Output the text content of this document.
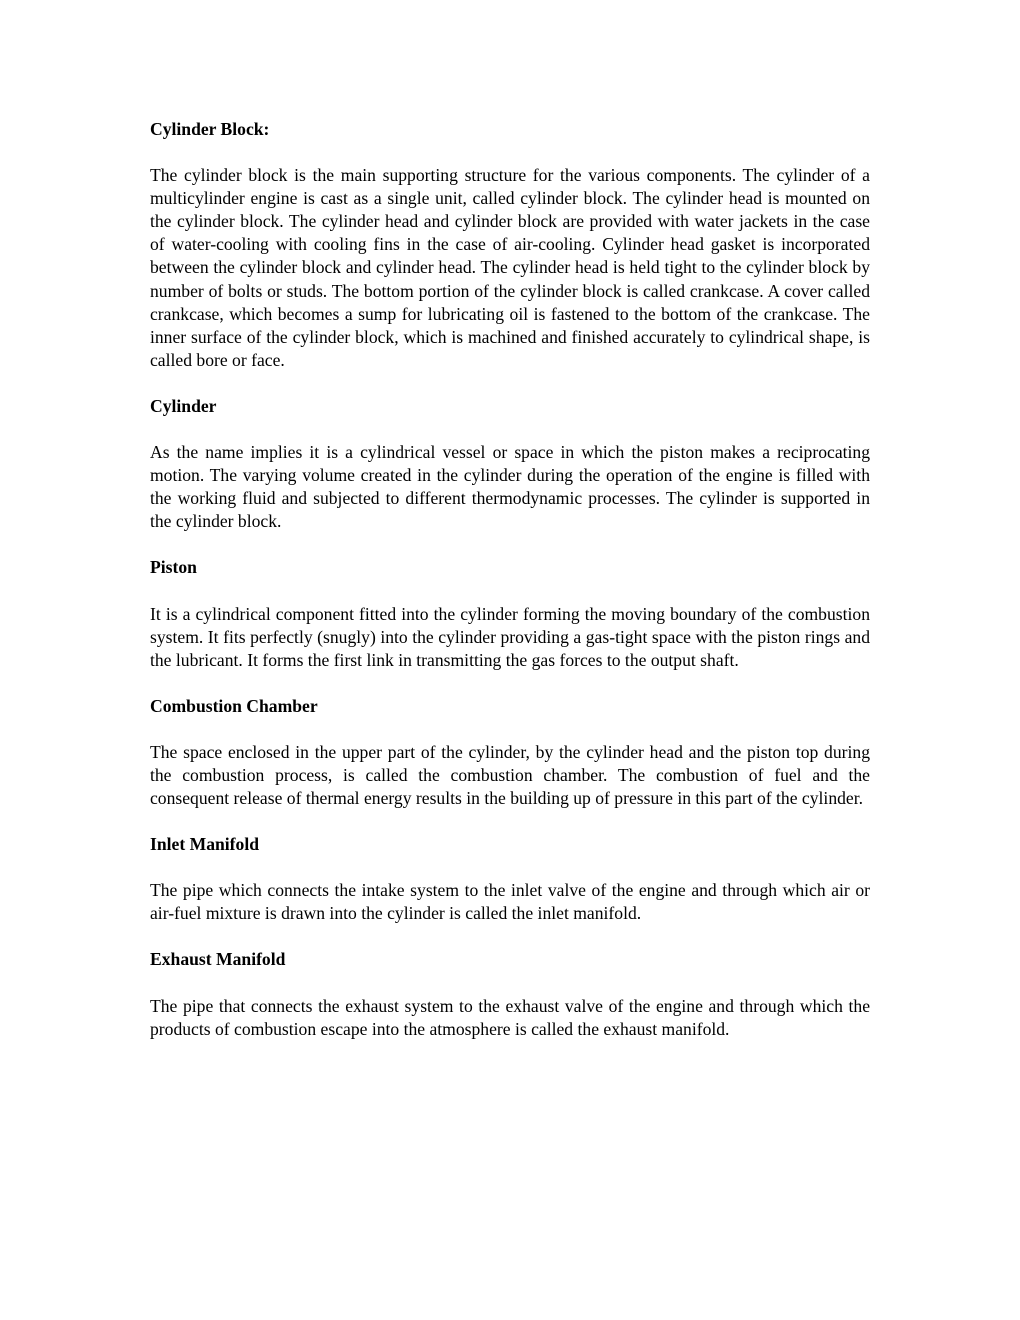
Cylinder Block:

The cylinder block is the main supporting structure for the various components. The cylinder of a multicylinder engine is cast as a single unit, called cylinder block. The cylinder head is mounted on the cylinder block. The cylinder head and cylinder block are provided with water jackets in the case of water-cooling with cooling fins in the case of air-cooling. Cylinder head gasket is incorporated between the cylinder block and cylinder head. The cylinder head is held tight to the cylinder block by number of bolts or studs. The bottom portion of the cylinder block is called crankcase. A cover called crankcase, which becomes a sump for lubricating oil is fastened to the bottom of the crankcase. The inner surface of the cylinder block, which is machined and finished accurately to cylindrical shape, is called bore or face.

Cylinder

As the name implies it is a cylindrical vessel or space in which the piston makes a reciprocating motion. The varying volume created in the cylinder during the operation of the engine is filled with the working fluid and subjected to different thermodynamic processes. The cylinder is supported in the cylinder block.

Piston

It is a cylindrical component fitted into the cylinder forming the moving boundary of the combustion system. It fits perfectly (snugly) into the cylinder providing a gas-tight space with the piston rings and the lubricant. It forms the first link in transmitting the gas forces to the output shaft.

Combustion Chamber

The space enclosed in the upper part of the cylinder, by the cylinder head and the piston top during the combustion process, is called the combustion chamber. The combustion of fuel and the consequent release of thermal energy results in the building up of pressure in this part of the cylinder.

Inlet Manifold

The pipe which connects the intake system to the inlet valve of the engine and through which air or air-fuel mixture is drawn into the cylinder is called the inlet manifold.

Exhaust Manifold

The pipe that connects the exhaust system to the exhaust valve of the engine and through which the products of combustion escape into the atmosphere is called the exhaust manifold.
